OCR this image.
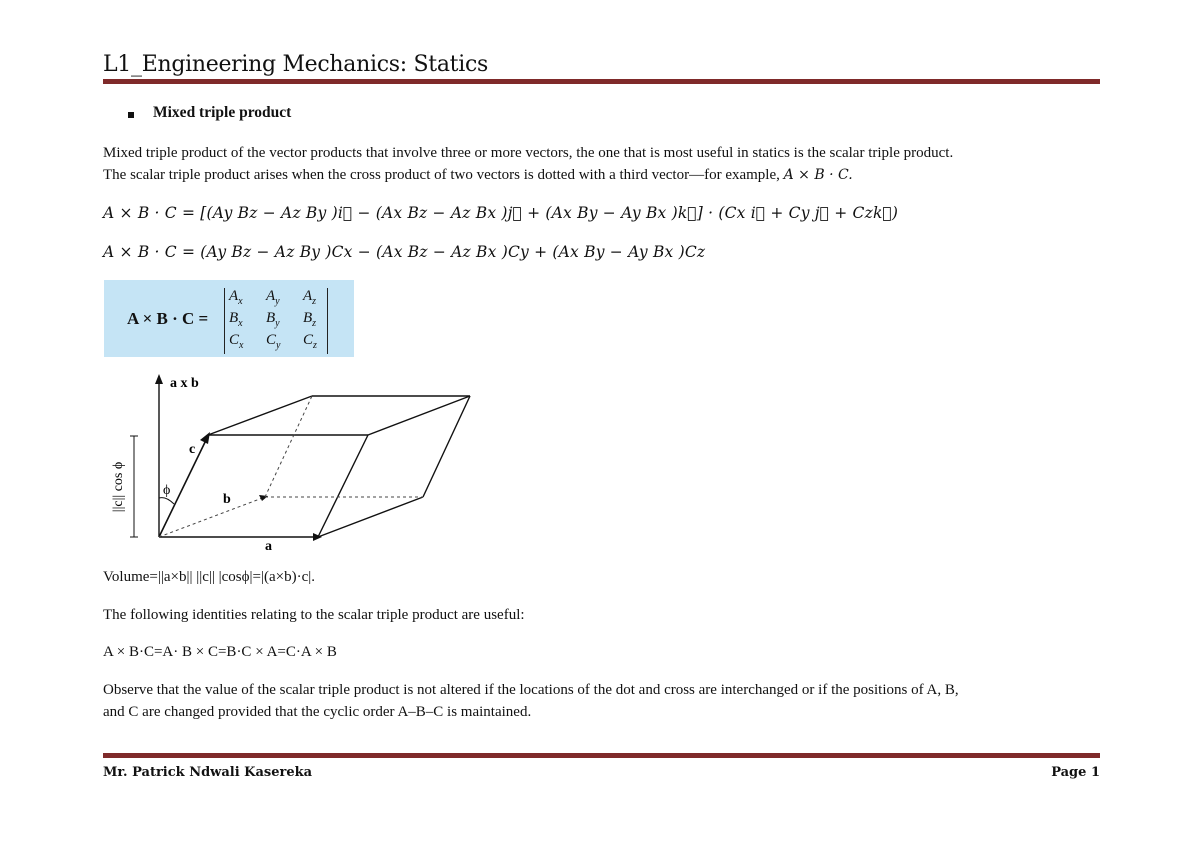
L1_Engineering Mechanics: Statics
Mixed triple product
Mixed triple product of the vector products that involve three or more vectors, the one that is most useful in statics is the scalar triple product.
The scalar triple product arises when the cross product of two vectors is dotted with a third vector—for example, A × B · C.
A × B · C = [(Ay Bz − Az By )i⃗ − (Ax Bz − Az Bx )j⃗ + (Ax By − Ay Bx )k⃗] · (Cx i⃗ + Cy j⃗ + Czk⃗)
A × B · C = (Ay Bz − Az By )Cx − (Ax Bz − Az Bx )Cy + (Ax By − Ay Bx )Cz
A × B · C =
$A_x$	$A_y$	$A_z$
$B_x$	$B_y$	$B_z$
$C_x$	$C_y$	$C_z$
a x b
||c|| cos ϕ
c
b
a
ϕ
Volume=||a×b|| ||c|| |cosϕ|=|(a×b)·c|.
The following identities relating to the scalar triple product are useful:
A × B·C=A· B × C=B·C × A=C·A × B
Observe that the value of the scalar triple product is not altered if the locations of the dot and cross are interchanged or if the positions of A, B,
and C are changed provided that the cyclic order A–B–C is maintained.
Mr. Patrick Ndwali Kasereka	Page 1
